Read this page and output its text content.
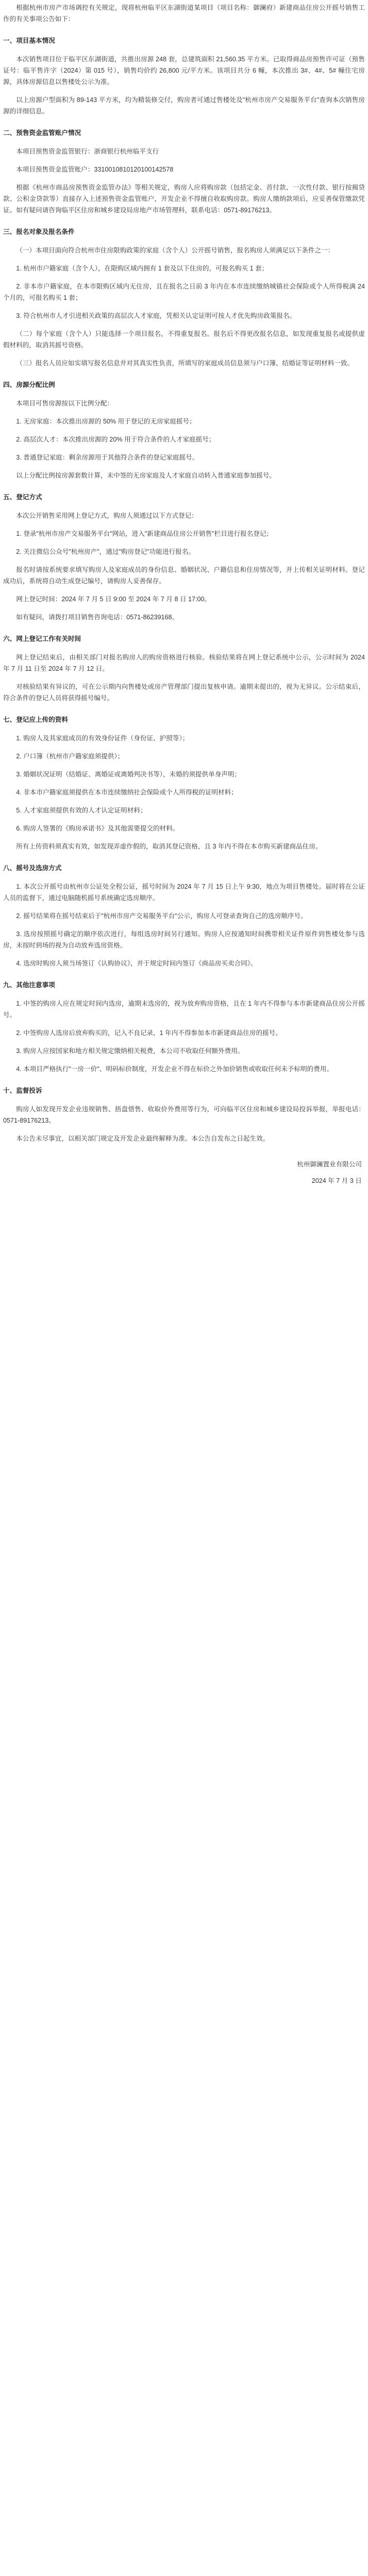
根据杭州市房产市场调控有关规定，现将杭州临平区东湖街道某项目（项目名称：御澜府）新建商品住房公开摇号销售工作的有关事项公告如下：

一、项目基本情况

本次销售项目位于临平区东湖街道，共推出房源 248 套，总建筑面积 21,560.35 平方米。已取得商品房预售许可证（预售证号：临平售许字（2024）第 015 号），销售均价约 26,800 元/平方米。该项目共分 6 幢，本次推出 3#、4#、5# 幢住宅房源，具体房源信息以售楼处公示为准。

以上房源户型面积为 89-143 平方米，均为精装修交付，购房者可通过售楼处及"杭州市房产交易服务平台"查询本次销售房源的详细信息。

二、预售资金监管账户情况

本项目预售资金监管银行：浙商银行杭州临平支行

本项目预售资金监管账户：3310010810120100142578

根据《杭州市商品房预售资金监管办法》等相关规定，购房人应将购房款（包括定金、首付款、一次性付款、银行按揭贷款、公积金贷款等）直接存入上述预售资金监管账户，开发企业不得擅自收取购房款。购房人缴纳款项后，应妥善保管缴款凭证。如有疑问请咨询临平区住房和城乡建设局房地产市场管理科，联系电话：0571-89176213。

三、报名对象及报名条件

（一）本项目面向符合杭州市住房限购政策的家庭（含个人）公开摇号销售，报名购房人须满足以下条件之一：

1. 杭州市户籍家庭（含个人），在限购区域内拥有 1 套及以下住房的，可报名购买 1 套；

2. 非本市户籍家庭，在本市限购区域内无住房，且在报名之日前 3 年内在本市连续缴纳城镇社会保险或个人所得税满 24 个月的，可报名购买 1 套；

3. 符合杭州市人才引进相关政策的高层次人才家庭，凭相关认定证明可按人才优先购房政策报名。

（二）每个家庭（含个人）只能选择一个项目报名，不得重复报名。报名后不得更改报名信息，如发现重复报名或提供虚假材料的，取消其摇号资格。

（三）报名人员应如实填写报名信息并对其真实性负责，所填写的家庭成员信息须与户口簿、结婚证等证明材料一致。

四、房源分配比例

本项目可售房源按以下比例分配：

1. 无房家庭：本次推出房源的 50% 用于登记的无房家庭摇号；

2. 高层次人才：本次推出房源的 20% 用于符合条件的人才家庭摇号；

3. 普通登记家庭：剩余房源用于其他符合条件的登记家庭摇号。

以上分配比例按房源套数计算，未中签的无房家庭及人才家庭自动转入普通家庭参加摇号。

五、登记方式

本次公开销售采用网上登记方式，购房人须通过以下方式登记：

1. 登录"杭州市房产交易服务平台"网站，进入"新建商品住房公开销售"栏目进行报名登记；

2. 关注微信公众号"杭州房产"，通过"购房登记"功能进行报名。

报名时请按系统要求填写购房人及家庭成员的身份信息、婚姻状况、户籍信息和住房情况等，并上传相关证明材料。登记成功后，系统将自动生成登记编号，请购房人妥善保存。

网上登记时间：2024 年 7 月 5 日 9:00 至 2024 年 7 月 8 日 17:00。

如有疑问，请拨打项目销售咨询电话：0571-86239168。

六、网上登记工作有关时间

网上登记结束后，由相关部门对报名购房人的购房资格进行核验。核验结果将在网上登记系统中公示，公示时间为 2024 年 7 月 11 日至 2024 年 7 月 12 日。

对核验结果有异议的，可在公示期内向售楼处或房产管理部门提出复核申请。逾期未提出的，视为无异议。公示结束后，符合条件的登记人员将获得摇号编号。

七、登记应上传的资料

1. 购房人及其家庭成员的有效身份证件（身份证、护照等）；

2. 户口簿（杭州市户籍家庭须提供）；

3. 婚姻状况证明（结婚证、离婚证或离婚判决书等），未婚的须提供单身声明；

4. 非本市户籍家庭须提供在本市连续缴纳社会保险或个人所得税的证明材料；

5. 人才家庭须提供有效的人才认定证明材料；

6. 购房人签署的《购房承诺书》及其他需要提交的材料。

所有上传资料须真实有效，如发现弄虚作假的，取消其登记资格，且 3 年内不得在本市购买新建商品住房。

八、摇号及选房方式

1. 本次公开摇号由杭州市公证处全程公证，摇号时间为 2024 年 7 月 15 日上午 9:30，地点为项目售楼处。届时将在公证人员的监督下，通过电脑随机摇号系统确定选房顺序。

2. 摇号结果将在摇号结束后于"杭州市房产交易服务平台"公示，购房人可登录查询自己的选房顺序号。

3. 选房按照摇号确定的顺序依次进行，每组选房时间另行通知。购房人应按通知时间携带相关证件原件到售楼处参与选房，未按时到场的视为自动放弃选房资格。

4. 选房时购房人须当场签订《认购协议》，并于规定时间内签订《商品房买卖合同》。

九、其他注意事项

1. 中签的购房人应在规定时间内选房，逾期未选房的，视为放弃购房资格，且在 1 年内不得参与本市新建商品住房公开摇号。

2. 中签购房人选房后放弃购买的，记入不良记录，1 年内不得参加本市新建商品住房的摇号。

3. 购房人应按国家和地方相关规定缴纳相关税费，本公司不收取任何额外费用。

4. 本项目严格执行"一房一价"、明码标价制度，开发企业不得在标价之外加价销售或收取任何未予标明的费用。

十、监督投诉

购房人如发现开发企业违规销售、捂盘惜售、收取价外费用等行为，可向临平区住房和城乡建设局投诉举报，举报电话：0571-89176213。

本公告未尽事宜，以相关部门规定及开发企业最终解释为准。本公告自发布之日起生效。

杭州御澜置业有限公司
2024 年 7 月 3 日
